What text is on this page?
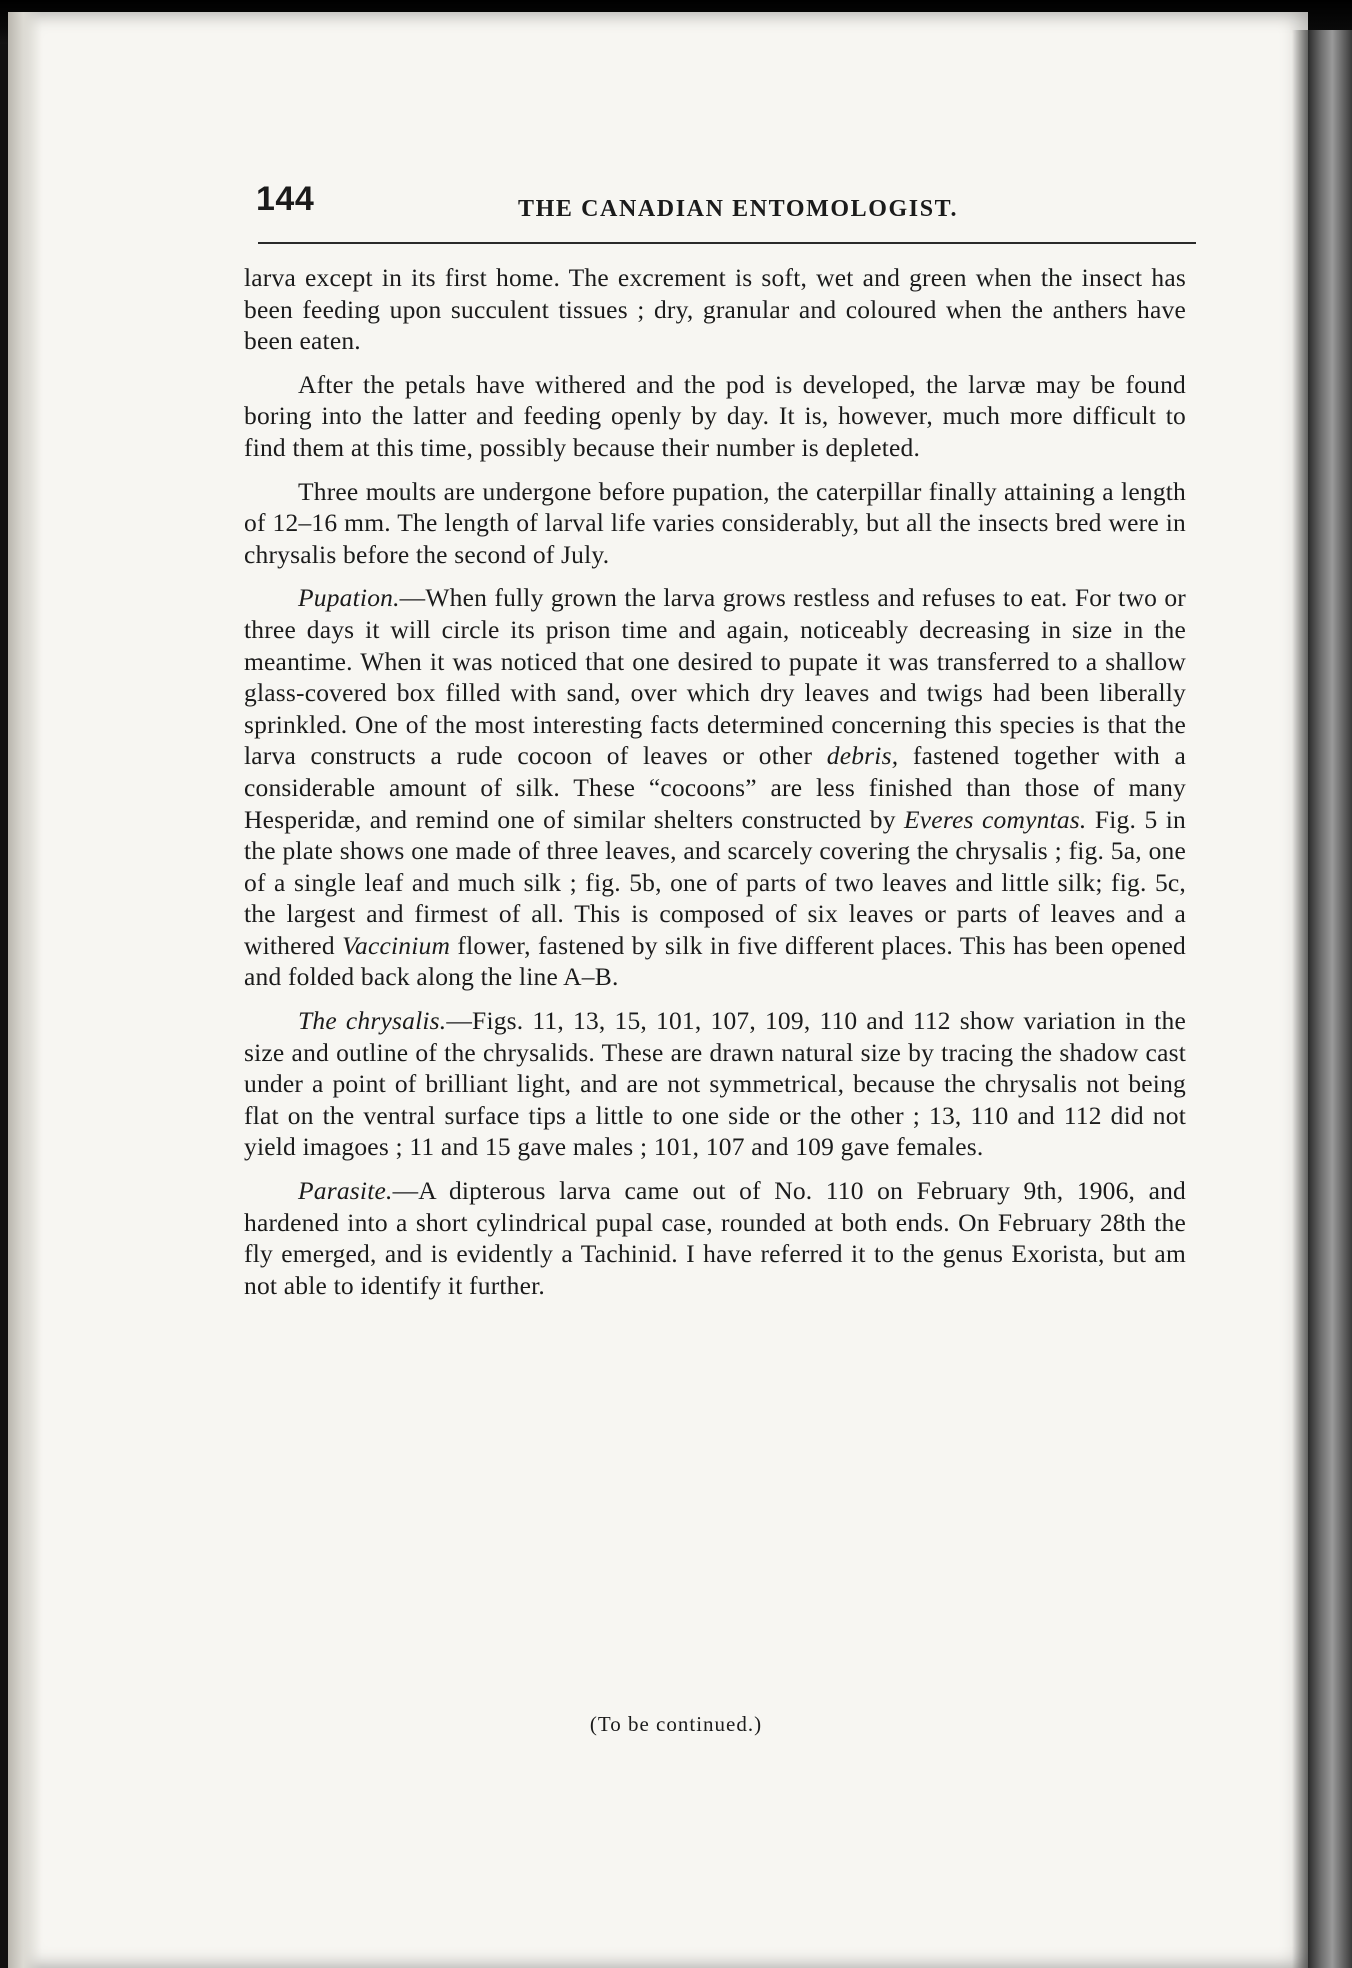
144	THE CANADIAN ENTOMOLOGIST.

larva except in its first home. The excrement is soft, wet and green when the insect has been feeding upon succulent tissues ; dry, granular and coloured when the anthers have been eaten.

After the petals have withered and the pod is developed, the larvæ may be found boring into the latter and feeding openly by day. It is, however, much more difficult to find them at this time, possibly because their number is depleted.

Three moults are undergone before pupation, the caterpillar finally attaining a length of 12–16 mm. The length of larval life varies considerably, but all the insects bred were in chrysalis before the second of July.

Pupation.—When fully grown the larva grows restless and refuses to eat. For two or three days it will circle its prison time and again, noticeably decreasing in size in the meantime. When it was noticed that one desired to pupate it was transferred to a shallow glass-covered box filled with sand, over which dry leaves and twigs had been liberally sprinkled. One of the most interesting facts determined concerning this species is that the larva constructs a rude cocoon of leaves or other debris, fastened together with a considerable amount of silk. These “cocoons” are less finished than those of many Hesperidæ, and remind one of similar shelters constructed by Everes comyntas. Fig. 5 in the plate shows one made of three leaves, and scarcely covering the chrysalis ; fig. 5a, one of a single leaf and much silk ; fig. 5b, one of parts of two leaves and little silk; fig. 5c, the largest and firmest of all. This is composed of six leaves or parts of leaves and a withered Vaccinium flower, fastened by silk in five different places. This has been opened and folded back along the line A–B.

The chrysalis.—Figs. 11, 13, 15, 101, 107, 109, 110 and 112 show variation in the size and outline of the chrysalids. These are drawn natural size by tracing the shadow cast under a point of brilliant light, and are not symmetrical, because the chrysalis not being flat on the ventral surface tips a little to one side or the other ; 13, 110 and 112 did not yield imagoes ; 11 and 15 gave males ; 101, 107 and 109 gave females.

Parasite.—A dipterous larva came out of No. 110 on February 9th, 1906, and hardened into a short cylindrical pupal case, rounded at both ends. On February 28th the fly emerged, and is evidently a Tachinid. I have referred it to the genus Exorista, but am not able to identify it further.

(To be continued.)
